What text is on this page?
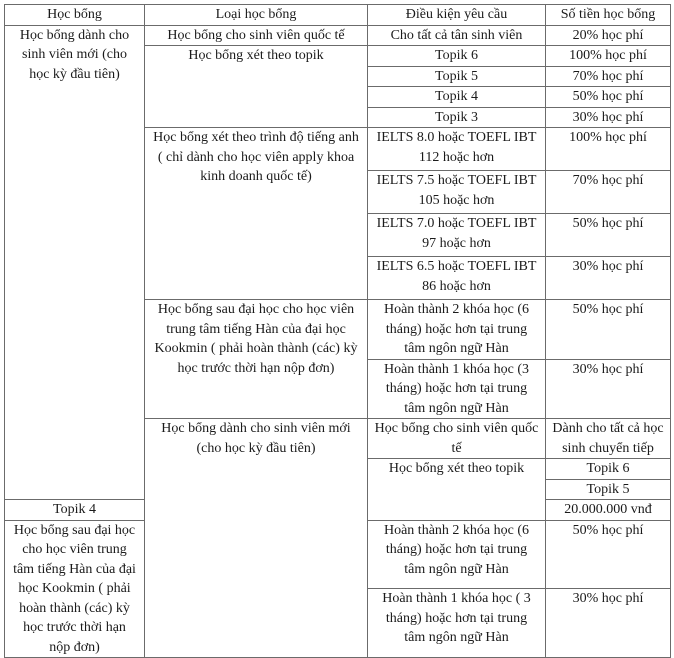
Học bổng	Loại học bổng	Điều kiện yêu cầu	Số tiền học bổng	
Học bổng dành cho sinh viên mới (cho học kỳ đầu tiên)	Học bổng cho sinh viên quốc tế	Cho tất cả tân sinh viên	20% học phí	
	Học bổng xét theo topik	Topik 6	100% học phí	
		Topik 5	70% học phí	
		Topik 4	50% học phí	
		Topik 3	30% học phí	
	Học bổng xét theo trình độ tiếng anh ( chỉ dành cho học viên apply khoa kinh doanh quốc tế)	IELTS 8.0 hoặc TOEFL IBT 112 hoặc hơn	100% học phí	
		IELTS 7.5 hoặc TOEFL IBT 105 hoặc hơn	70% học phí	
		IELTS 7.0 hoặc TOEFL IBT 97 hoặc hơn	50% học phí	
		IELTS 6.5 hoặc TOEFL IBT 86 hoặc hơn	30% học phí	
	Học bổng sau đại học cho học viên trung tâm tiếng Hàn của đại học Kookmin ( phải hoàn thành (các) kỳ học trước thời hạn nộp đơn)	Hoàn thành 2 khóa học (6 tháng) hoặc hơn tại trung tâm ngôn ngữ Hàn	50% học phí	
		Hoàn thành 1 khóa học (3 tháng) hoặc hơn tại trung tâm ngôn ngữ Hàn	30% học phí	
	Học bổng dành cho sinh viên mới (cho học kỳ đầu tiên)	Học bổng cho sinh viên quốc tế	Dành cho tất cả học sinh chuyển tiếp	
		Học bổng xét theo topik	Topik 6	
			Topik 5	
Topik 4			20.000.000 vnđ	
Học bổng sau đại học cho học viên trung tâm tiếng Hàn của đại học Kookmin ( phải hoàn thành (các) kỳ học trước thời hạn nộp đơn)		Hoàn thành 2 khóa học (6 tháng) hoặc hơn tại trung tâm ngôn ngữ Hàn	50% học phí	
		Hoàn thành 1 khóa học ( 3 tháng) hoặc hơn tại trung tâm ngôn ngữ Hàn	30% học phí	
